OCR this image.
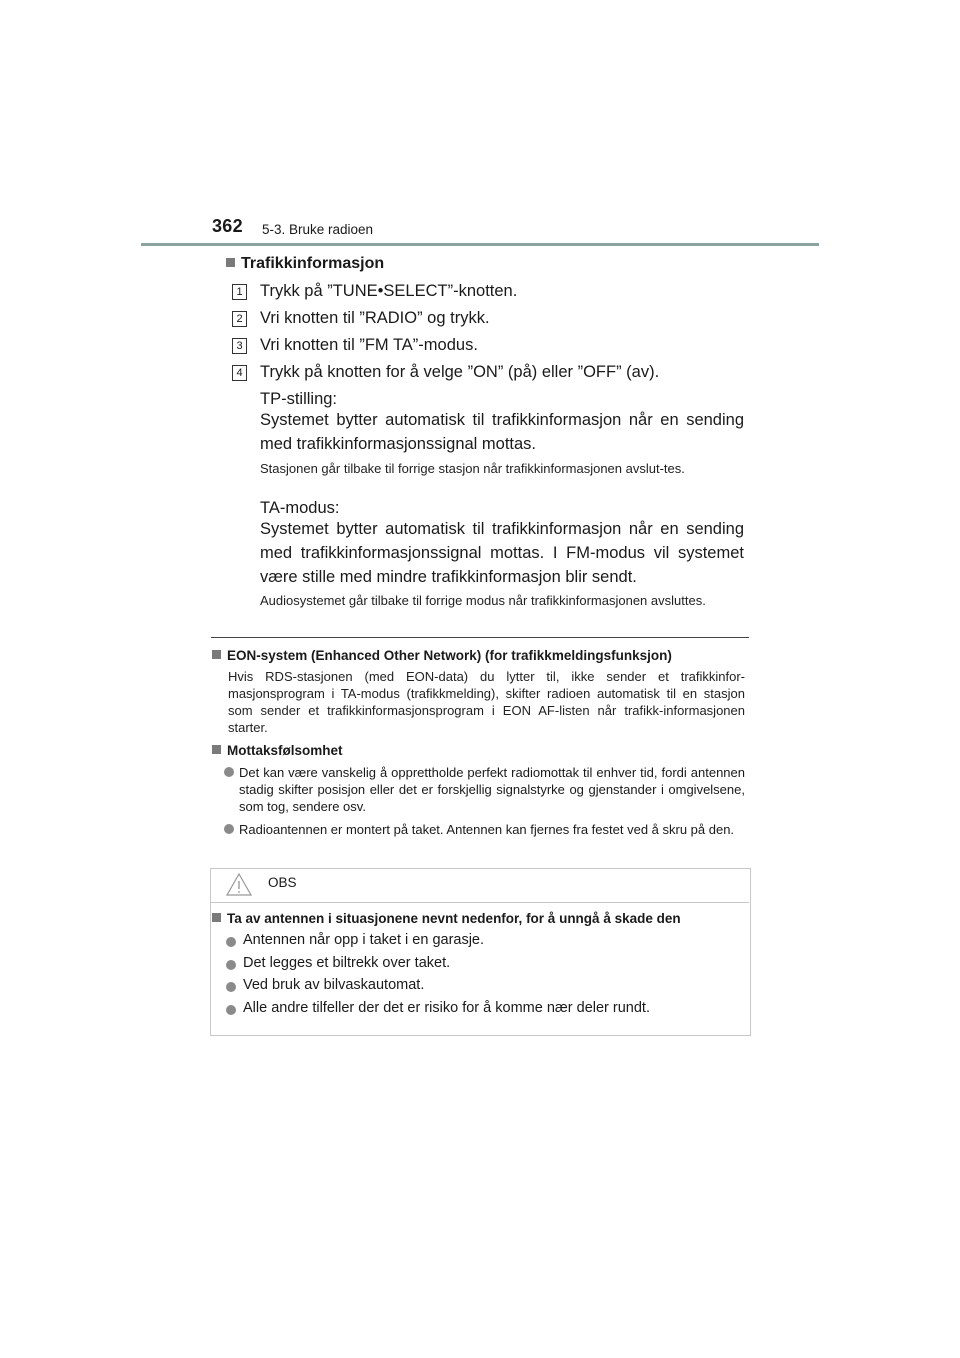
362 5-3. Bruke radioen
Trafikkinformasjon
1 Trykk på ”TUNE•SELECT”-knotten.
2 Vri knotten til ”RADIO” og trykk.
3 Vri knotten til ”FM TA”-modus.
4 Trykk på knotten for å velge ”ON” (på) eller ”OFF” (av).
TP-stilling:
Systemet bytter automatisk til trafikkinformasjon når en sending med trafikkinformasjonssignal mottas.
Stasjonen går tilbake til forrige stasjon når trafikkinformasjonen avslut-tes.
TA-modus:
Systemet bytter automatisk til trafikkinformasjon når en sending med trafikkinformasjonssignal mottas. I FM-modus vil systemet være stille med mindre trafikkinformasjon blir sendt.
Audiosystemet går tilbake til forrige modus når trafikkinformasjonen avsluttes.
EON-system (Enhanced Other Network) (for trafikkmeldingsfunksjon)
Hvis RDS-stasjonen (med EON-data) du lytter til, ikke sender et trafikkinfor-masjonsprogram i TA-modus (trafikkmelding), skifter radioen automatisk til en stasjon som sender et trafikkinformasjonsprogram i EON AF-listen når trafikk-informasjonen starter.
Mottaksfølsomhet
Det kan være vanskelig å opprettholde perfekt radiomottak til enhver tid, fordi antennen stadig skifter posisjon eller det er forskjellig signalstyrke og gjenstander i omgivelsene, som tog, sendere osv.
Radioantennen er montert på taket. Antennen kan fjernes fra festet ved å skru på den.
OBS
Ta av antennen i situasjonene nevnt nedenfor, for å unngå å skade den
Antennen når opp i taket i en garasje.
Det legges et biltrekk over taket.
Ved bruk av bilvaskautomat.
Alle andre tilfeller der det er risiko for å komme nær deler rundt.
